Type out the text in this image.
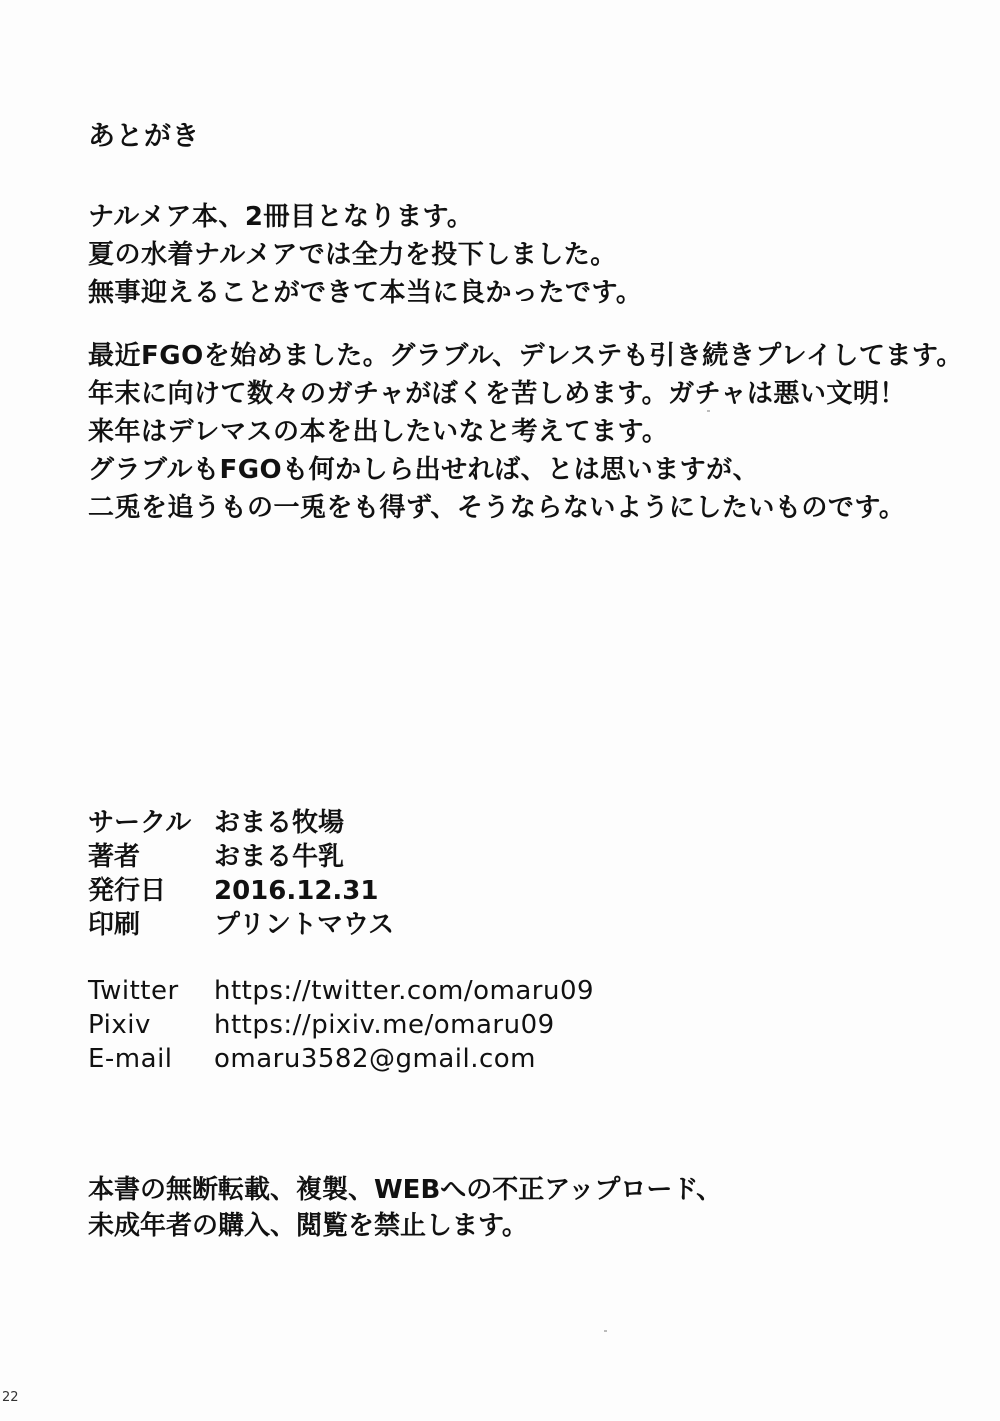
あとがき
ナルメア本、2冊目となります。
夏の水着ナルメアでは全力を投下しました。
無事迎えることができて本当に良かったです。
最近FGOを始めました。グラブル、デレステも引き続きプレイしてます。
年末に向けて数々のガチャがぼくを苦しめます。ガチャは悪い文明！
来年はデレマスの本を出したいなと考えてます。
グラブルもFGOも何かしら出せれば、とは思いますが、
二兎を追うもの一兎をも得ず、そうならないようにしたいものです。
サークル おまる牧場
著者	おまる牛乳
発行日	2016.12.31
印刷	プリントマウス
Twitter	https://twitter.com/omaru09
Pixiv	https://pixiv.me/omaru09
E-mail	omaru3582@gmail.com
本書の無断転載、複製、WEBへの不正アップロード、
未成年者の購入、閲覧を禁止します。
22
